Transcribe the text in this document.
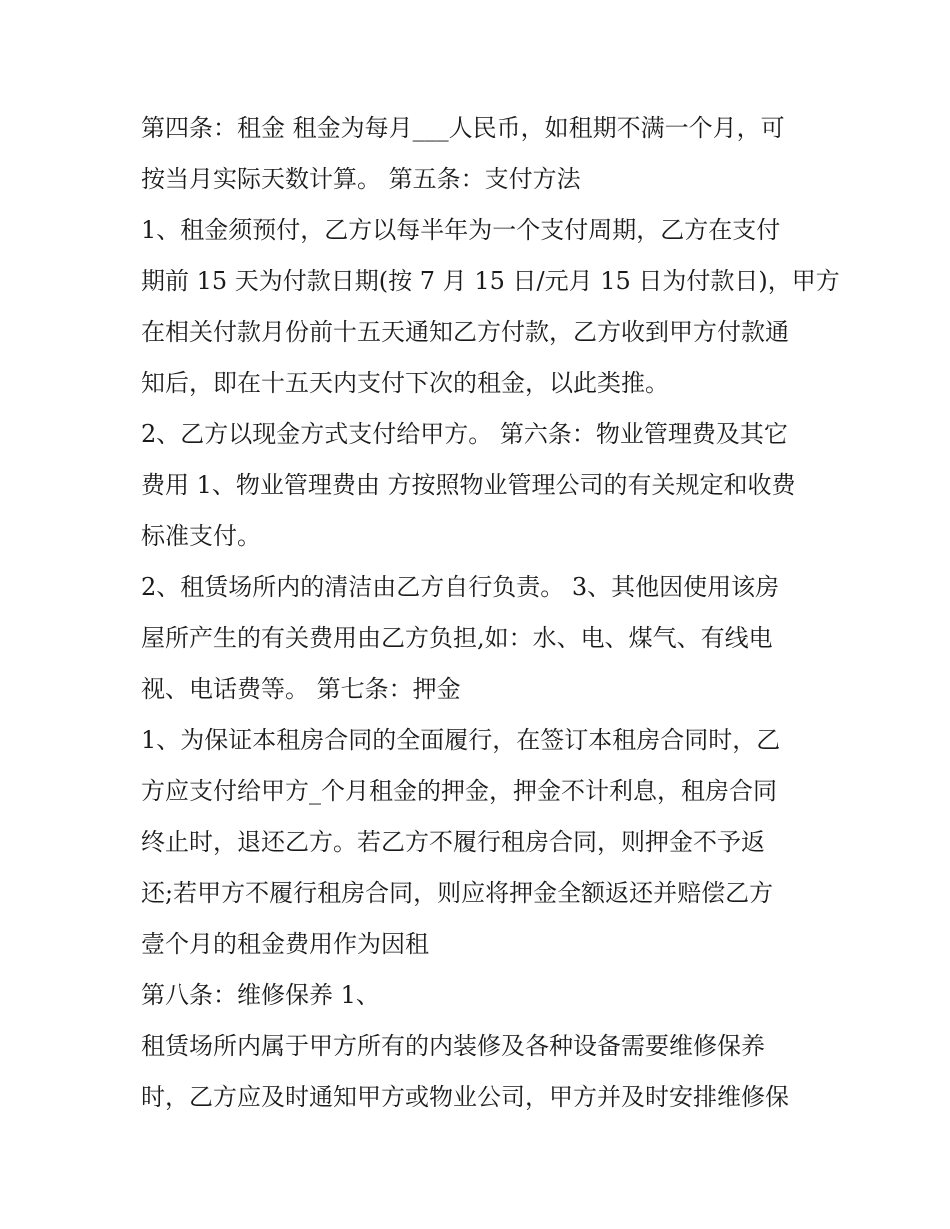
第四条：租金 租金为每月___人民币，如租期不满一个月，可
按当月实际天数计算。 第五条：支付方法
1、租金须预付，乙方以每半年为一个支付周期，乙方在支付
期前 15 天为付款日期(按 7 月 15 日/元月 15 日为付款日)，甲方
在相关付款月份前十五天通知乙方付款，乙方收到甲方付款通
知后，即在十五天内支付下次的租金，以此类推。
2、乙方以现金方式支付给甲方。 第六条：物业管理费及其它
费用 1、物业管理费由 方按照物业管理公司的有关规定和收费
标准支付。
2、租赁场所内的清洁由乙方自行负责。 3、其他因使用该房
屋所产生的有关费用由乙方负担,如：水、电、煤气、有线电
视、电话费等。 第七条：押金
1、为保证本租房合同的全面履行，在签订本租房合同时，乙
方应支付给甲方_个月租金的押金，押金不计利息，租房合同
终止时，退还乙方。若乙方不履行租房合同，则押金不予返
还;若甲方不履行租房合同，则应将押金全额返还并赔偿乙方
壹个月的租金费用作为因租
第八条：维修保养 1、
租赁场所内属于甲方所有的内装修及各种设备需要维修保养
时，乙方应及时通知甲方或物业公司，甲方并及时安排维修保
